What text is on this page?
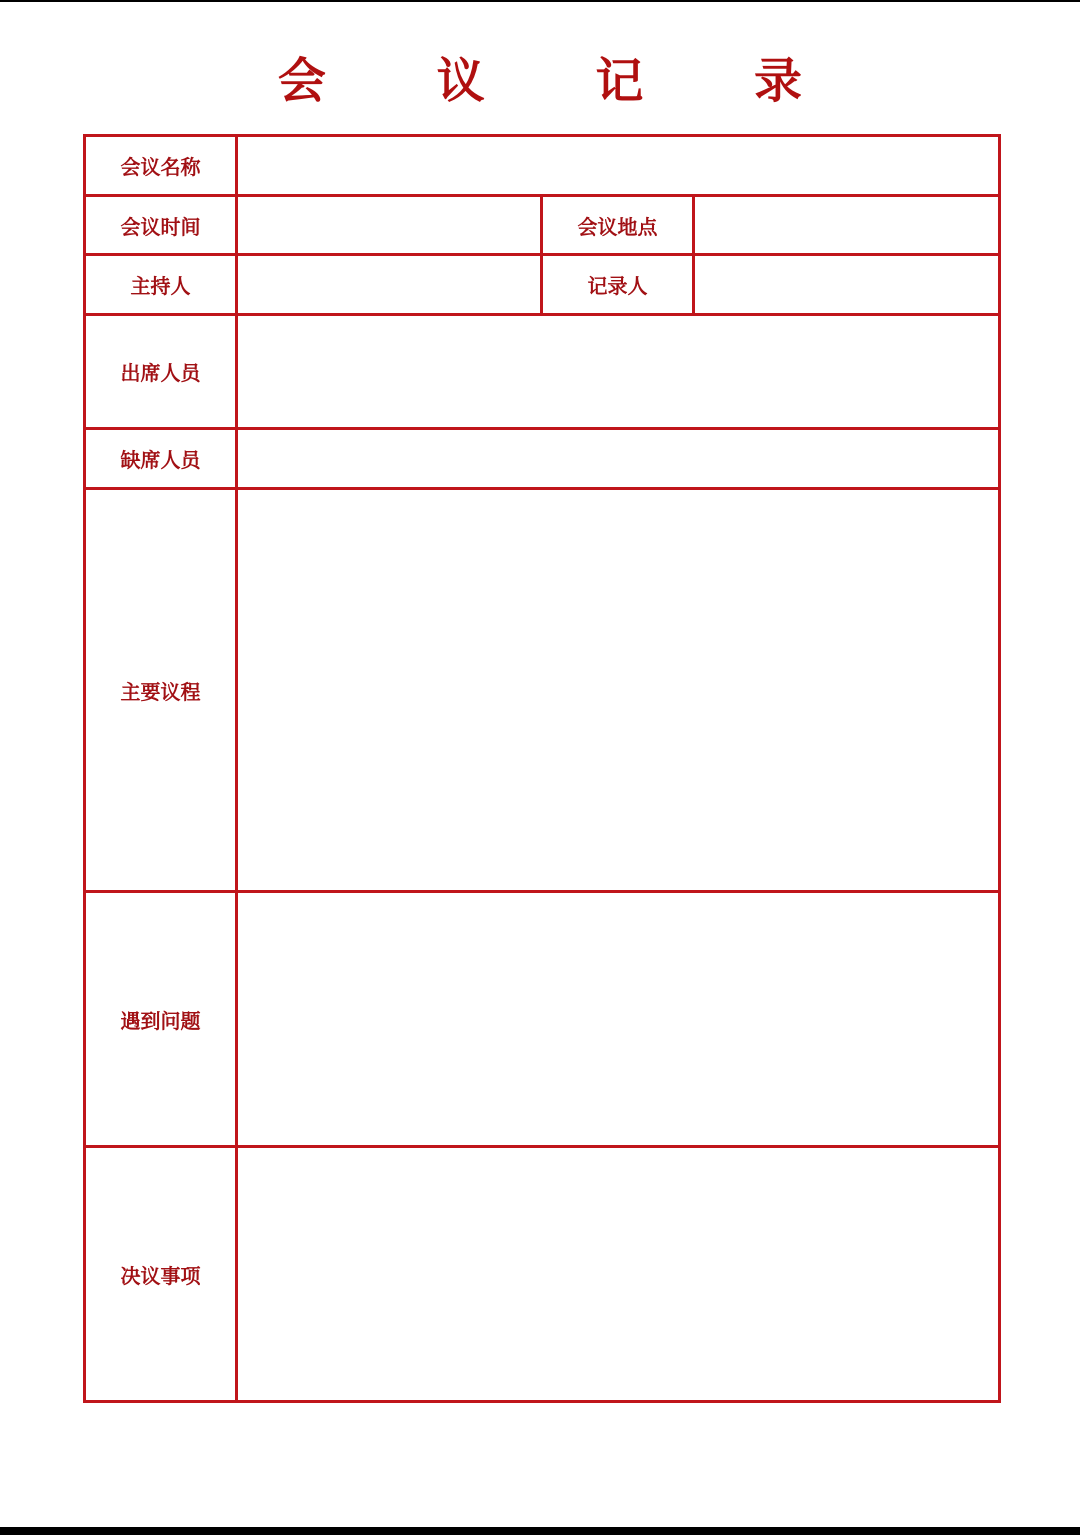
会 议 记 录
会议名称			
会议时间		会议地点	
主持人		记录人	
出席人员			
缺席人员			
主要议程			
遇到问题			
决议事项			
